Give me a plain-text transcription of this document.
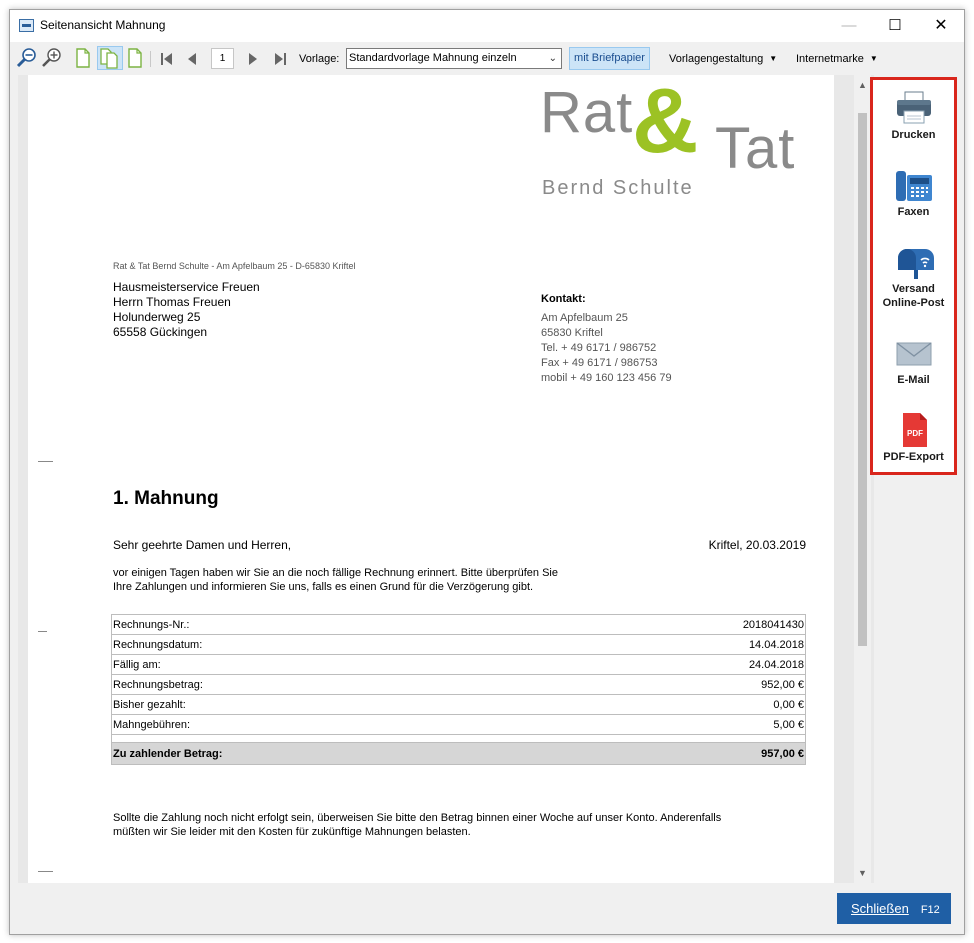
Seitenansicht Mahnung	—	☐	✕
1	Vorlage: Standardvorlage Mahnung einzeln	⌄	mit Briefpapier	Vorlagengestaltung ▼ Internetmarke ▼
Rat
& Tat
Bernd Schulte
Rat & Tat Bernd Schulte - Am Apfelbaum 25 - D-65830 Kriftel
Hausmeisterservice Freuen
Herrn Thomas Freuen
Holunderweg 25
65558 Gückingen
Kontakt:
Am Apfelbaum 25
65830 Kriftel
Tel. + 49 6171 / 986752
Fax + 49 6171 / 986753
mobil + 49 160 123 456 79
1. Mahnung
Sehr geehrte Damen und Herren,	Kriftel, 20.03.2019
vor einigen Tagen haben wir Sie an die noch fällige Rechnung erinnert. Bitte überprüfen Sie
Ihre Zahlungen und informieren Sie uns, falls es einen Grund für die Verzögerung gibt.
Rechnungs-Nr.:	2018041430
Rechnungsdatum:	14.04.2018
Fällig am:	24.04.2018
Rechnungsbetrag:	952,00 €
Bisher gezahlt:	0,00 €
Mahngebühren:	5,00 €

Zu zahlender Betrag:	957,00 €
Sollte die Zahlung noch nicht erfolgt sein, überweisen Sie bitte den Betrag binnen einer Woche auf unser Konto. Anderenfalls
müßten wir Sie leider mit den Kosten für zukünftige Mahnungen belasten.
▲
▼
Drucken
Faxen
Versand Online-Post
E-Mail
PDF
PDF-Export
Schließen F12
